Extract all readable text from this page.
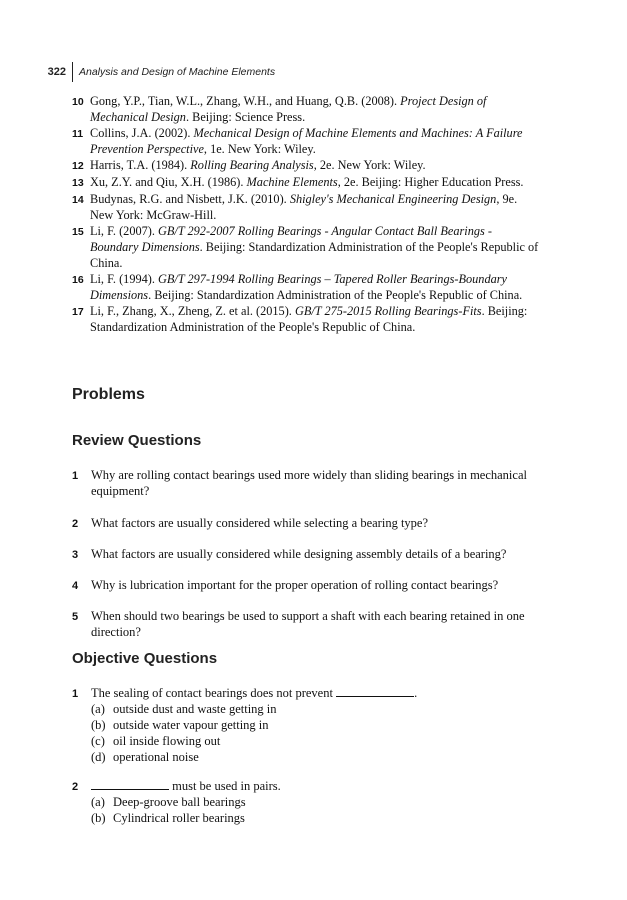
322	Analysis and Design of Machine Elements
10 Gong, Y.P., Tian, W.L., Zhang, W.H., and Huang, Q.B. (2008). Project Design of Mechanical Design. Beijing: Science Press.
11 Collins, J.A. (2002). Mechanical Design of Machine Elements and Machines: A Failure Prevention Perspective, 1e. New York: Wiley.
12 Harris, T.A. (1984). Rolling Bearing Analysis, 2e. New York: Wiley.
13 Xu, Z.Y. and Qiu, X.H. (1986). Machine Elements, 2e. Beijing: Higher Education Press.
14 Budynas, R.G. and Nisbett, J.K. (2010). Shigley's Mechanical Engineering Design, 9e. New York: McGraw-Hill.
15 Li, F. (2007). GB/T 292-2007 Rolling Bearings - Angular Contact Ball Bearings - Boundary Dimensions. Beijing: Standardization Administration of the People's Republic of China.
16 Li, F. (1994). GB/T 297-1994 Rolling Bearings – Tapered Roller Bearings-Boundary Dimensions. Beijing: Standardization Administration of the People's Republic of China.
17 Li, F., Zhang, X., Zheng, Z. et al. (2015). GB/T 275-2015 Rolling Bearings-Fits. Beijing: Standardization Administration of the People's Republic of China.
Problems
Review Questions
1	Why are rolling contact bearings used more widely than sliding bearings in mechanical equipment?
2	What factors are usually considered while selecting a bearing type?
3	What factors are usually considered while designing assembly details of a bearing?
4	Why is lubrication important for the proper operation of rolling contact bearings?
5	When should two bearings be used to support a shaft with each bearing retained in one direction?
Objective Questions
1	The sealing of contact bearings does not prevent	.
(a) outside dust and waste getting in
(b) outside water vapour getting in
(c) oil inside flowing out
(d) operational noise
2	must be used in pairs.
(a) Deep-groove ball bearings
(b) Cylindrical roller bearings
